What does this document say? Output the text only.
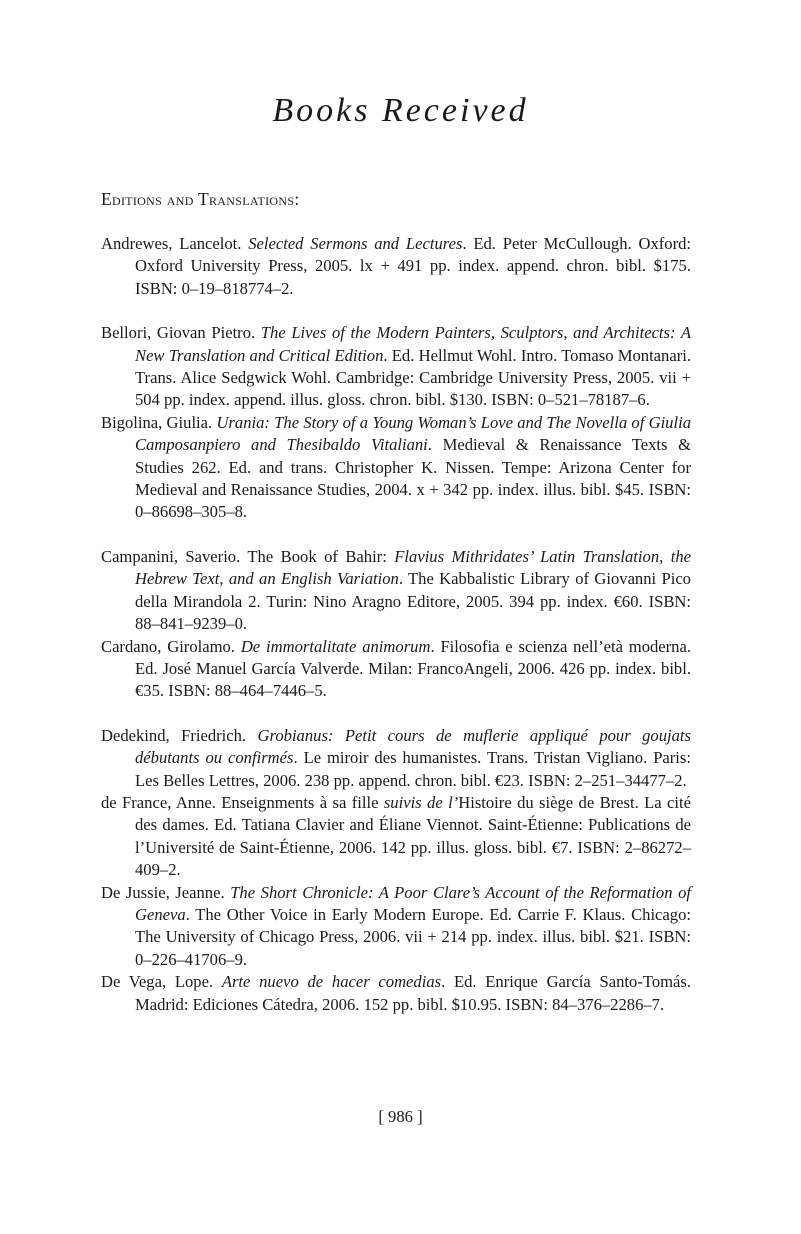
Books Received
Editions and Translations:

Andrewes, Lancelot. Selected Sermons and Lectures. Ed. Peter McCullough. Oxford: Oxford University Press, 2005. lx + 491 pp. index. append. chron. bibl. $175. ISBN: 0–19–818774–2.

Bellori, Giovan Pietro. The Lives of the Modern Painters, Sculptors, and Architects: A New Translation and Critical Edition. Ed. Hellmut Wohl. Intro. Tomaso Montanari. Trans. Alice Sedgwick Wohl. Cambridge: Cambridge University Press, 2005. vii + 504 pp. index. append. illus. gloss. chron. bibl. $130. ISBN: 0–521–78187–6.

Bigolina, Giulia. Urania: The Story of a Young Woman’s Love and The Novella of Giulia Camposanpiero and Thesibaldo Vitaliani. Medieval & Renaissance Texts & Studies 262. Ed. and trans. Christopher K. Nissen. Tempe: Arizona Center for Medieval and Renaissance Studies, 2004. x + 342 pp. index. illus. bibl. $45. ISBN: 0–86698–305–8.

Campanini, Saverio. The Book of Bahir: Flavius Mithridates’ Latin Translation, the Hebrew Text, and an English Variation. The Kabbalistic Library of Giovanni Pico della Mirandola 2. Turin: Nino Aragno Editore, 2005. 394 pp. index. €60. ISBN: 88–841–9239–0.

Cardano, Girolamo. De immortalitate animorum. Filosofia e scienza nell’età moderna. Ed. José Manuel García Valverde. Milan: FrancoAngeli, 2006. 426 pp. index. bibl. €35. ISBN: 88–464–7446–5.

Dedekind, Friedrich. Grobianus: Petit cours de muflerie appliqué pour goujats débutants ou confirmés. Le miroir des humanistes. Trans. Tristan Vigliano. Paris: Les Belles Lettres, 2006. 238 pp. append. chron. bibl. €23. ISBN: 2–251–34477–2.

de France, Anne. Enseignments à sa fille suivis de l’Histoire du siège de Brest. La cité des dames. Ed. Tatiana Clavier and Éliane Viennot. Saint-Étienne: Publications de l’Université de Saint-Étienne, 2006. 142 pp. illus. gloss. bibl. €7. ISBN: 2–86272–409–2.

De Jussie, Jeanne. The Short Chronicle: A Poor Clare’s Account of the Reformation of Geneva. The Other Voice in Early Modern Europe. Ed. Carrie F. Klaus. Chicago: The University of Chicago Press, 2006. vii + 214 pp. index. illus. bibl. $21. ISBN: 0–226–41706–9.

De Vega, Lope. Arte nuevo de hacer comedias. Ed. Enrique García Santo-Tomás. Madrid: Ediciones Cátedra, 2006. 152 pp. bibl. $10.95. ISBN: 84–376–2286–7.

[ 986 ]
